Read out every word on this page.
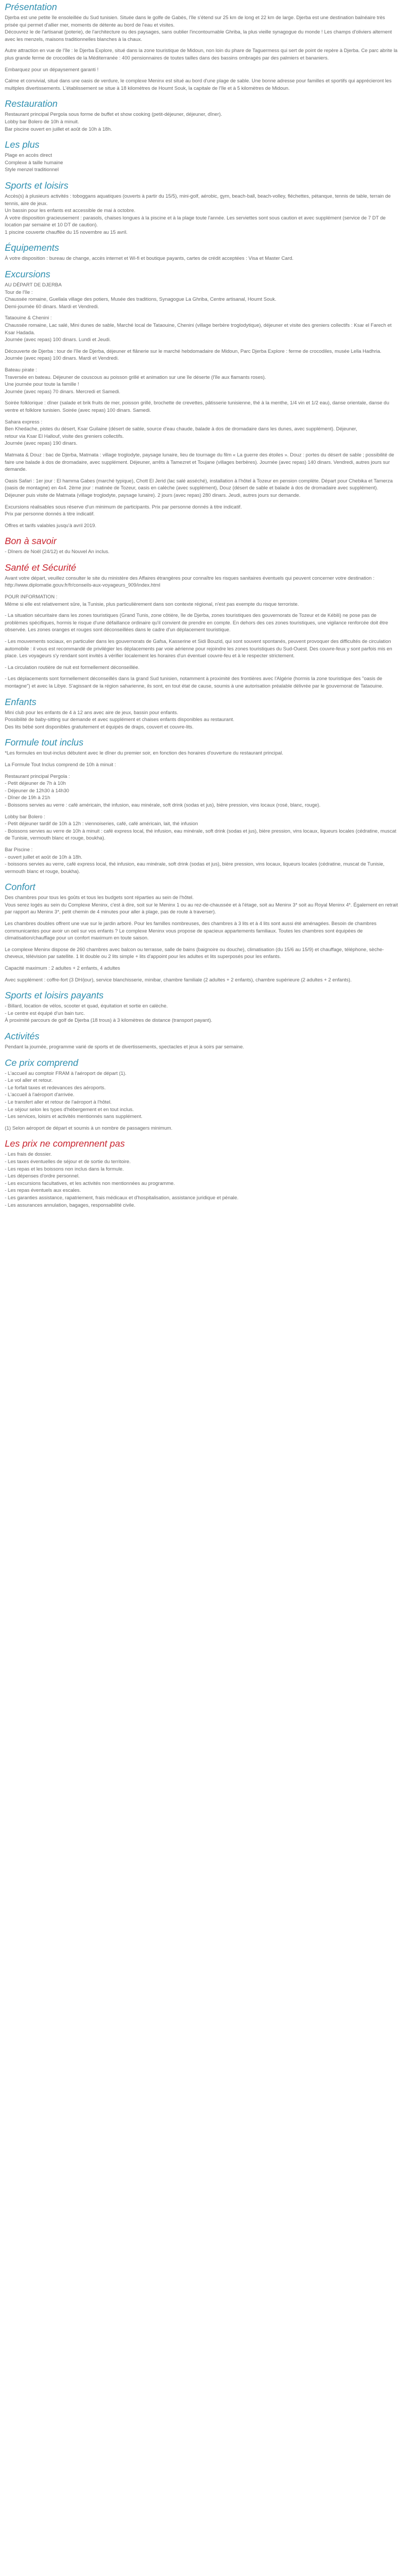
Présentation

Djerba est une petite île ensoleillée du Sud tunisien. Située dans le golfe de Gabès, l'île s'étend sur 25 km de long et 22 km de large. Djerba est une destination balnéaire très prisée qui permet d'allier mer, moments de détente au bord de l'eau et visites.
Découvrez le de l'artisanat (poterie), de l'architecture ou des paysages, sans oublier l'incontournable Ghriba, la plus vieille synagogue du monde ! Les champs d'oliviers alternent avec les menzels, maisons traditionnelles blanches à la chaux.

Autre attraction en vue de l'île : le Djerba Explore, situé dans la zone touristique de Midoun, non loin du phare de Taguermess qui sert de point de repère à Djerba. Ce parc abrite la plus grande ferme de crocodiles de la Méditerranée : 400 pensionnaires de toutes tailles dans des bassins ombragés par des palmiers et bananiers.

Embarquez pour un dépaysement garanti !

Calme et convivial, situé dans une oasis de verdure, le complexe Meninx est situé au bord d'une plage de sable. Une bonne adresse pour familles et sportifs qui apprécieront les multiples divertissements. L'établissement se situe à 18 kilomètres de Houmt Souk, la capitale de l'île et à 5 kilomètres de Midoun.

Restauration

Restaurant principal Pergola sous forme de buffet et show cooking (petit-déjeuner, déjeuner, dîner).
Lobby bar Bolero de 10h à minuit.
Bar piscine ouvert en juillet et août de 10h à 18h.

Les plus

Plage en accès direct
Complexe à taille humaine
Style menzel traditionnel

Sports et loisirs

Accès(s) à plusieurs activités : toboggans aquatiques (ouverts à partir du 15/5), mini-golf, aérobic, gym, beach-ball, beach-volley, fléchettes, pétanque, tennis de table, terrain de tennis, aire de jeux.
Un bassin pour les enfants est accessible de mai à octobre.
À votre disposition gracieusement : parasols, chaises longues à la piscine et à la plage toute l'année. Les serviettes sont sous caution et avec supplément (service de 7 DT de location par semaine et 10 DT de caution).
1 piscine couverte chauffée du 15 novembre au 15 avril.

Équipements

À votre disposition : bureau de change, accès internet et Wi-fi et boutique payants, cartes de crédit acceptées : Visa et Master Card.

Excursions

AU DÉPART DE DJERBA
Tour de l'île :
Chaussée romaine, Guellala village des potiers, Musée des traditions, Synagogue La Ghriba, Centre artisanal, Houmt Souk.
Demi-journée 60 dinars. Mardi et Vendredi.

Tataouine & Chenini :
Chaussée romaine, Lac salé, Mini dunes de sable, Marché local de Tataouine, Chenini (village berbère troglodytique), déjeuner et visite des greniers collectifs : Ksar el Farech et Ksar Hadada.
Journée (avec repas) 100 dinars. Lundi et Jeudi.

Découverte de Djerba : tour de l'île de Djerba, déjeuner et flânerie sur le marché hebdomadaire de Midoun, Parc Djerba Explore : ferme de crocodiles, musée Lella Hadhria. Journée (avec repas) 100 dinars. Mardi et Vendredi.

Bateau pirate :
Traversée en bateau. Déjeuner de couscous au poisson grillé et animation sur une île déserte (l'île aux flamants roses).
Une journée pour toute la famille !
Journée (avec repas) 70 dinars. Mercredi et Samedi.

Soirée folklorique : dîner (salade et brik fruits de mer, poisson grillé, brochette de crevettes, pâtisserie tunisienne, thé à la menthe, 1/4 vin et 1/2 eau), danse orientale, danse du ventre et folklore tunisien. Soirée (avec repas) 100 dinars. Samedi.

Sahara express :
Ben Khedache, pistes du désert, Ksar Guilaine (désert de sable, source d'eau chaude, balade à dos de dromadaire dans les dunes, avec supplément). Déjeuner,
retour via Ksar El Hallouf, visite des greniers collectifs.
Journée (avec repas) 190 dinars.

Matmata & Douz : bac de Djerba, Matmata : village troglodyte, paysage lunaire, lieu de tournage du film « La guerre des étoiles ». Douz : portes du désert de sable ; possibilité de faire une balade à dos de dromadaire, avec supplément. Déjeuner, arrêts à Tamezret et Toujane (villages berbères). Journée (avec repas) 140 dinars. Vendredi, autres jours sur demande.

Oasis Safari : 1er jour : El hamma Gabes (marché typique), Chott El Jerid (lac salé asséché), installation à l'hôtel à Tozeur en pension complète. Départ pour Chebika et Tamerza (oasis de montagne) en 4x4. 2ème jour : matinée de Tozeur, oasis en calèche (avec supplément), Douz (désert de sable et balade à dos de dromadaire avec supplément). Déjeuner puis visite de Matmata (village troglodyte, paysage lunaire). 2 jours (avec repas) 280 dinars. Jeudi, autres jours sur demande.

Excursions réalisables sous réserve d'un minimum de participants. Prix par personne donnés à titre indicatif.
Prix par personne donnés à titre indicatif.

Offres et tarifs valables jusqu'à avril 2019.

Bon à savoir

- Dîners de Noël (24/12) et du Nouvel An inclus.

Santé et Sécurité

Avant votre départ, veuillez consulter le site du ministère des Affaires étrangères pour connaître les risques sanitaires éventuels qui peuvent concerner votre destination : http://www.diplomatie.gouv.fr/fr/conseils-aux-voyageurs_909/index.html

POUR INFORMATION :
Même si elle est relativement sûre, la Tunisie, plus particulièrement dans son contexte régional, n'est pas exempte du risque terroriste.

- La situation sécuritaire dans les zones touristiques (Grand Tunis, zone côtière, île de Djerba, zones touristiques des gouvernorats de Tozeur et de Kébili) ne pose pas de problèmes spécifiques, hormis le risque d'une défaillance ordinaire qu'il convient de prendre en compte. En dehors des ces zones touristiques, une vigilance renforcée doit être observée. Les zones oranges et rouges sont déconseillées dans le cadre d'un déplacement touristique.

- Les mouvements sociaux, en particulier dans les gouvernorats de Gafsa, Kasserine et Sidi Bouzid, qui sont souvent spontanés, peuvent provoquer des difficultés de circulation automobile : il vous est recommandé de privilégier les déplacements par voie aérienne pour rejoindre les zones touristiques du Sud-Ouest. Des couvre-feux y sont parfois mis en place. Les voyageurs s'y rendant sont invités à vérifier localement les horaires d'un éventuel couvre-feu et à le respecter strictement.

- La circulation routière de nuit est formellement déconseillée.

- Les déplacements sont formellement déconseillés dans la grand Sud tunisien, notamment à proximité des frontières avec l'Algérie (hormis la zone touristique des "oasis de montagne") et avec la Libye. S'agissant de la région saharienne, ils sont, en tout état de cause, soumis à une autorisation préalable délivrée par le gouvernorat de Tataouine.

Enfants

Mini club pour les enfants de 4 à 12 ans avec aire de jeux, bassin pour enfants.
Possibilité de baby-sitting sur demande et avec supplément et chaises enfants disponibles au restaurant.
Des lits bébé sont disponibles gratuitement et équipés de draps, couvert et couvre-lits.

Formule tout inclus

*Les formules en tout-inclus débutent avec le dîner du premier soir, en fonction des horaires d'ouverture du restaurant principal.

La Formule Tout Inclus comprend de 10h à minuit :

Restaurant principal Pergola :
- Petit déjeuner de 7h à 10h
- Déjeuner de 12h30 à 14h30
- Dîner de 19h à 21h
- Boissons servies au verre : café américain, thé infusion, eau minérale, soft drink (sodas et jus), bière pression, vins locaux (rosé, blanc, rouge).

Lobby bar Bolero :
- Petit déjeuner tardif de 10h à 12h : viennoiseries, café, café américain, lait, thé infusion
- Boissons servies au verre de 10h à minuit : café express local, thé infusion, eau minérale, soft drink (sodas et jus), bière pression, vins locaux, liqueurs locales (cédratine, muscat de Tunisie, vermouth blanc et rouge, boukha).

Bar Piscine :
- ouvert juillet et août de 10h à 18h.
- boissons servies au verre, café express local, thé infusion, eau minérale, soft drink (sodas et jus), bière pression, vins locaux, liqueurs locales (cédratine, muscat de Tunisie, vermouth blanc et rouge, boukha).

Confort

Des chambres pour tous les goûts et tous les budgets sont réparties au sein de l'hôtel.
Vous serez logés au sein du Complexe Meninx, c'est à dire, soit sur le Meninx 1 ou au rez-de-chaussée et à l'étage, soit au Meninx 3* soit au Royal Meninx 4*. Également en retrait par rapport au Meninx 3*, petit chemin de 4 minutes pour aller à plage, pas de route à traverser).

Les chambres doubles offrent une vue sur le jardin arboré. Pour les familles nombreuses, des chambres à 3 lits et à 4 lits sont aussi été aménagées. Besoin de chambres communicantes pour avoir un oeil sur vos enfants ? Le complexe Meninx vous propose de spacieux appartements familiaux. Toutes les chambres sont équipées de climatisation/chauffage pour un confort maximum en toute saison.

Le complexe Meninx dispose de 260 chambres avec balcon ou terrasse, salle de bains (baignoire ou douche), climatisation (du 15/6 au 15/9) et chauffage, téléphone, sèche-cheveux, télévision par satellite. 1 lit double ou 2 lits simple + lits d'appoint pour les adultes et lits superposés pour les enfants.

Capacité maximum : 2 adultes + 2 enfants, 4 adultes

Avec supplément : coffre-fort (3 DH/jour), service blanchisserie, minibar, chambre familiale (2 adultes + 2 enfants), chambre supérieure (2 adultes + 2 enfants).

Sports et loisirs payants

- Billard, location de vélos, scooter et quad, équitation et sortie en calèche.
- Le centre est équipé d'un bain turc.
À proximité parcours de golf de Djerba (18 trous) à 3 kilomètres de distance (transport payant).

Activités

Pendant la journée, programme varié de sports et de divertissements, spectacles et jeux à soirs par semaine.

Ce prix comprend

- L'accueil au comptoir FRAM à l'aéroport de départ (1).
- Le vol aller et retour.
- Le forfait taxes et redevances des aéroports.
- L'accueil à l'aéroport d'arrivée.
- Le transfert aller et retour de l'aéroport à l'hôtel.
- Le séjour selon les types d'hébergement et en tout inclus.
- Les services, loisirs et activités mentionnés sans supplément.

(1) Selon aéroport de départ et soumis à un nombre de passagers minimum.

Les prix ne comprennent pas

- Les frais de dossier.
- Les taxes éventuelles de séjour et de sortie du territoire.
- Les repas et les boissons non inclus dans la formule.
- Les dépenses d'ordre personnel.
- Les excursions facultatives, et les activités non mentionnées au programme.
- Les repas éventuels aux escales.
- Les garanties assistance, rapatriement, frais médicaux et d'hospitalisation, assistance juridique et pénale.
- Les assurances annulation, bagages, responsabilité civile.
